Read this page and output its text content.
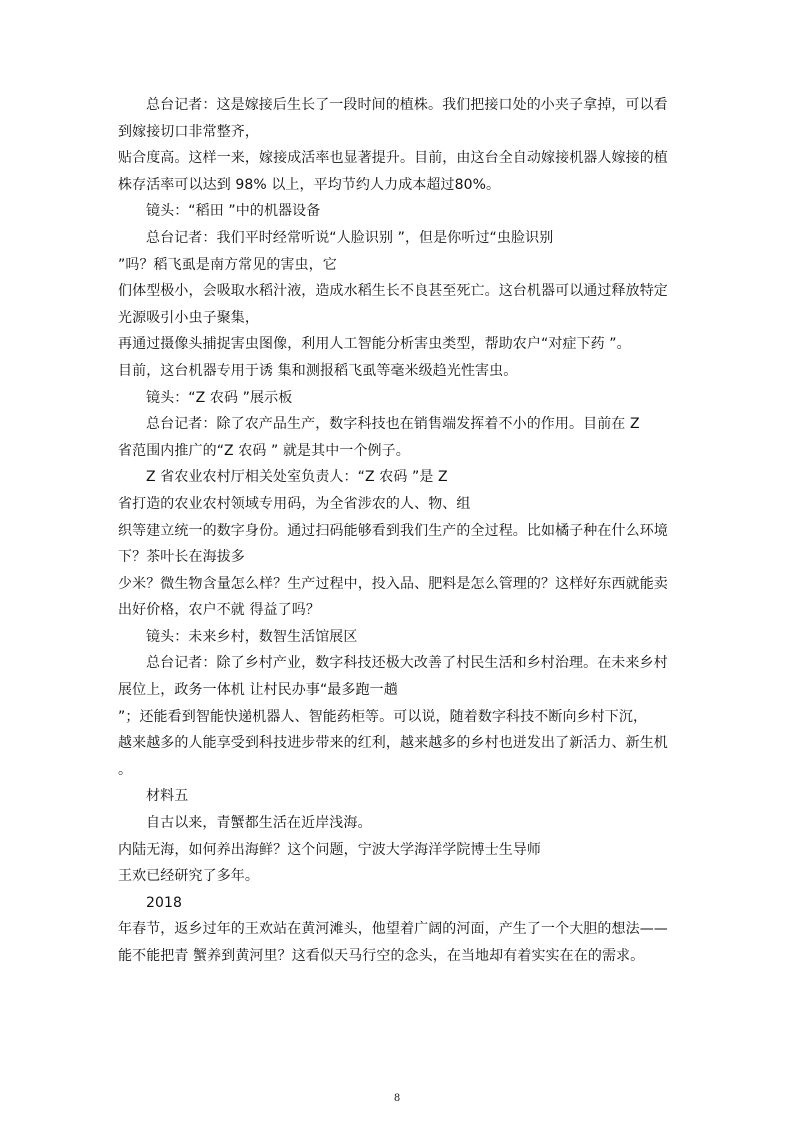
总台记者：这是嫁接后生长了一段时间的植株。我们把接口处的小夹子拿掉，可以看
到嫁接切口非常整齐，
贴合度高。这样一来，嫁接成活率也显著提升。目前，由这台全自动嫁接机器人嫁接的植
株存活率可以达到 98% 以上，平均节约人力成本超过80%。
镜头：“稻田 ”中的机器设备
总台记者：我们平时经常听说“人脸识别 ”，但是你听过“虫脸识别
”吗？稻飞虱是南方常见的害虫，它
们体型极小，会吸取水稻汁液，造成水稻生长不良甚至死亡。这台机器可以通过释放特定
光源吸引小虫子聚集，
再通过摄像头捕捉害虫图像，利用人工智能分析害虫类型，帮助农户“对症下药 ”。
目前，这台机器专用于诱 集和测报稻飞虱等毫米级趋光性害虫。
镜头：“Z 农码 ”展示板
总台记者：除了农产品生产，数字科技也在销售端发挥着不小的作用。目前在 Z
省范围内推广的“Z 农码 ” 就是其中一个例子。
Z 省农业农村厅相关处室负责人：“Z 农码 ”是 Z
省打造的农业农村领域专用码，为全省涉农的人、物、组
织等建立统一的数字身份。通过扫码能够看到我们生产的全过程。比如橘子种在什么环境
下？茶叶长在海拔多
少米？微生物含量怎么样？生产过程中，投入品、肥料是怎么管理的？这样好东西就能卖
出好价格，农户不就 得益了吗？
镜头：未来乡村，数智生活馆展区
总台记者：除了乡村产业，数字科技还极大改善了村民生活和乡村治理。在未来乡村
展位上，政务一体机 让村民办事“最多跑一趟
”；还能看到智能快递机器人、智能药柜等。可以说，随着数字科技不断向乡村下沉，
越来越多的人能享受到科技进步带来的红利，越来越多的乡村也迸发出了新活力、新生机
。
材料五
自古以来，青蟹都生活在近岸浅海。
内陆无海，如何养出海鲜？这个问题，宁波大学海洋学院博士生导师
王欢已经研究了多年。
2018
年春节，返乡过年的王欢站在黄河滩头，他望着广阔的河面，产生了一个大胆的想法——
能不能把青 蟹养到黄河里？这看似天马行空的念头，在当地却有着实实在在的需求。
8
